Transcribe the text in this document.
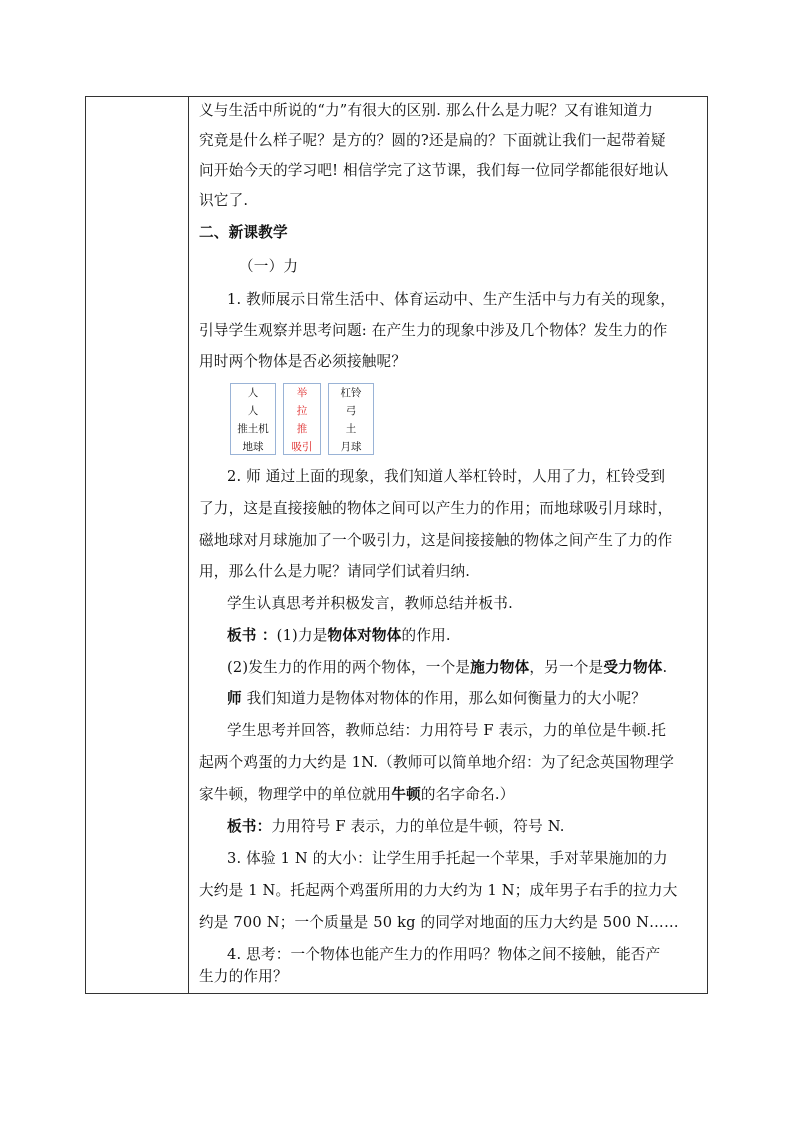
义与生活中所说的“力”有很大的区别. 那么什么是力呢？又有谁知道力
究竟是什么样子呢？是方的？圆的?还是扁的？下面就让我们一起带着疑
问开始今天的学习吧! 相信学完了这节课，我们每一位同学都能很好地认
识它了.
二、新课教学
（一）力
1. 教师展示日常生活中、体育运动中、生产生活中与力有关的现象，
引导学生观察并思考问题: 在产生力的现象中涉及几个物体？发生力的作
用时两个物体是否必须接触呢？
人
人
推土机
地球
举
拉
推
吸引
杠铃
弓
土
月球
2. 师 通过上面的现象，我们知道人举杠铃时，人用了力，杠铃受到
了力，这是直接接触的物体之间可以产生力的作用；而地球吸引月球时，
磁地球对月球施加了一个吸引力，这是间接接触的物体之间产生了力的作
用，那么什么是力呢？请同学们试着归纳.
学生认真思考并积极发言，教师总结并板书.
板书 ：(1)力是物体对物体的作用.
(2)发生力的作用的两个物体，一个是施力物体，另一个是受力物体.
师 我们知道力是物体对物体的作用，那么如何衡量力的大小呢？
学生思考并回答，教师总结：力用符号 F 表示，力的单位是牛顿.托
起两个鸡蛋的力大约是 1N.（教师可以简单地介绍：为了纪念英国物理学
家牛顿，物理学中的单位就用牛顿的名字命名.）
板书：力用符号 F 表示，力的单位是牛顿，符号 N.
3. 体验 1 N 的大小：让学生用手托起一个苹果，手对苹果施加的力
大约是 1 N。托起两个鸡蛋所用的力大约为 1 N；成年男子右手的拉力大
约是 700 N；一个质量是 50 kg 的同学对地面的压力大约是 500 N……
4. 思考：一个物体也能产生力的作用吗？物体之间不接触，能否产
生力的作用？
